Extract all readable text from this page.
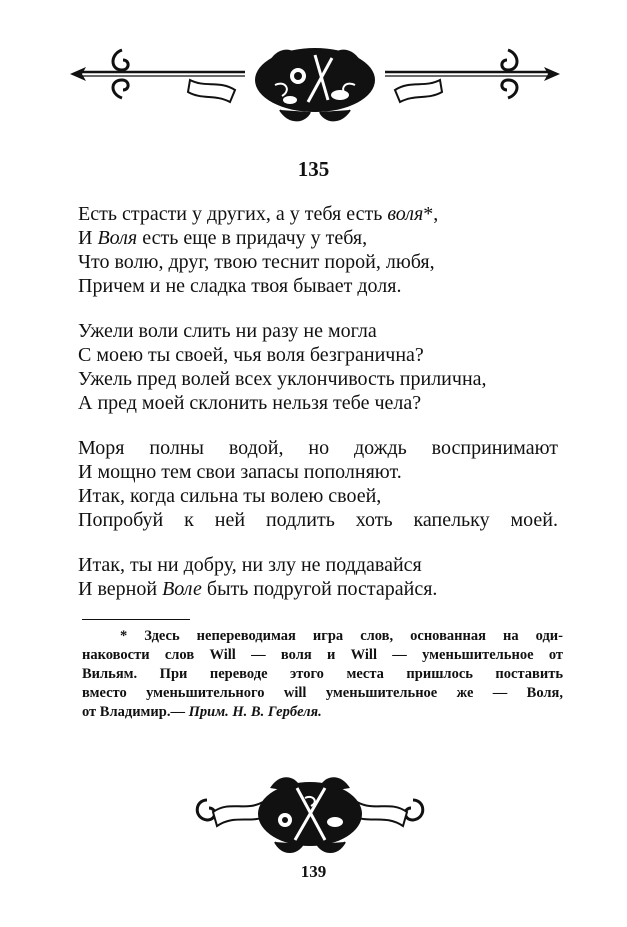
135
Есть страсти у других, а у тебя есть воля*,
И Воля есть еще в придачу у тебя,
Что волю, друг, твою теснит порой, любя,
Причем и не сладка твоя бывает доля.
Ужели воли слить ни разу не могла
С моею ты своей, чья воля безгранична?
Ужель пред волей всех уклончивость прилична,
А пред моей склонить нельзя тебе чела?
Моря полны водой, но дождь воспринимают
И мощно тем свои запасы пополняют.
Итак, когда сильна ты волею своей,
Попробуй к ней подлить хоть капельку моей.
Итак, ты ни добру, ни злу не поддавайся
И верной Воле быть подругой постарайся.
* Здесь непереводимая игра слов, основанная на оди-
наковости слов Will — воля и Will — уменьшительное от
Вильям. При переводе этого места пришлось поставить
вместо уменьшительного will уменьшительное же — Воля,
от Владимир.— Прим. Н. В. Гербеля.

139
